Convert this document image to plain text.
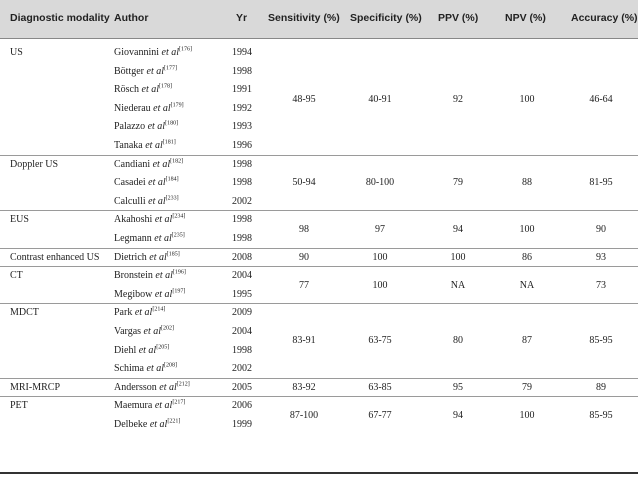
Diagnostic modality Author	Yr Sensitivity (%) Specificity (%) PPV (%)	NPV (%) Accuracy (%)
US	Giovannini et al[176]	1994
Böttger et al[177]	1998
Rösch et al[178]	1991
Niederau et al[179]	1992
Palazzo et al[180]	1993
Tanaka et al[181]	1996
48-95	40-91	92	100	46-64
Doppler US	Candiani et al[182]	1998
Casadei et al[184]	1998
Calculli et al[233]	2002
50-94	80-100	79	88	81-95
EUS	Akahoshi et al[234]	1998
Legmann et al[235]	1998
98	97	94	100	90
Contrast enhanced US Dietrich et al[185]	2008	90	100	100	86	93
CT	Bronstein et al[196]	2004
Megibow et al[197]	1995
77	100	NA	NA	73
MDCT	Park et al[214]	2009
Vargas et al[202]	2004
Diehl et al[205]	1998
Schima et al[208]	2002
83-91	63-75	80	87	85-95
MRI-MRCP	Andersson et al[212]	2005	83-92	63-85	95	79	89
PET	Maemura et al[217]	2006
Delbeke et al[221]	1999
87-100	67-77	94	100	85-95
